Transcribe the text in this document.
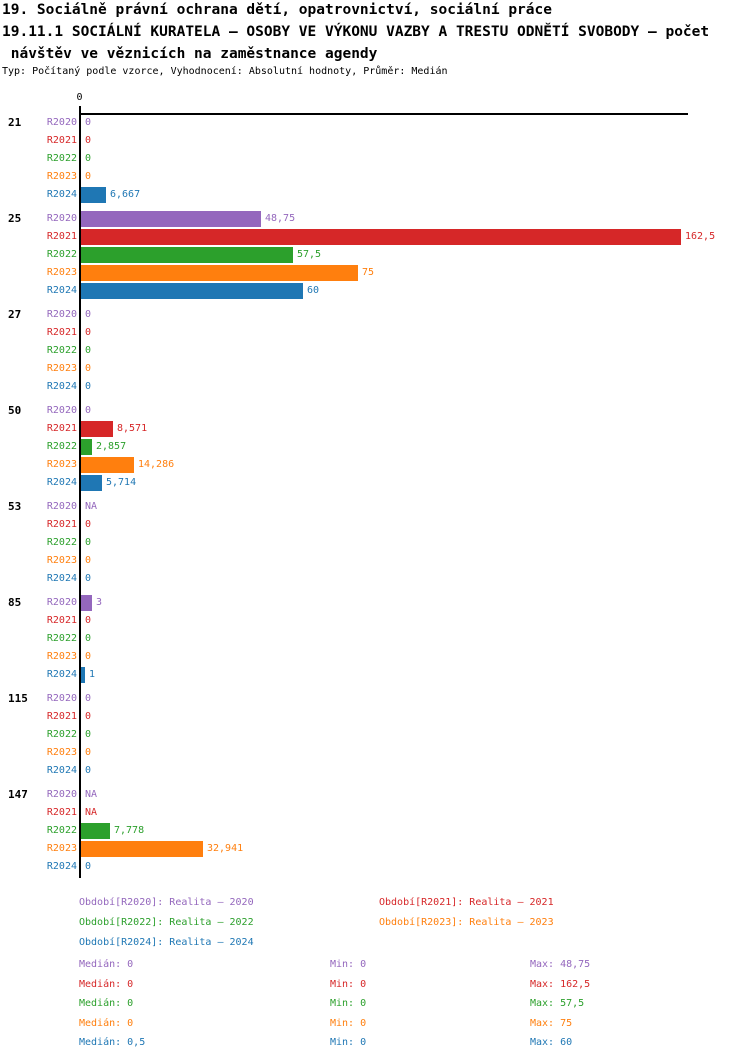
19. Sociálně právní ochrana dětí, opatrovnictví, sociální práce
19.11.1 SOCIÁLNÍ KURATELA – OSOBY VE VÝKONU VAZBY A TRESTU ODNĚTÍ SVOBODY – počet
návštěv ve věznicích na zaměstnance agendy
Typ: Počítaný podle vzorce, Vyhodnocení: Absolutní hodnoty, Průměr: Medián
0
21	R2020 0
R2021 0
R2022 0
R2023 0
R2024	6,667
25	R2020	48,75
R2021	162,5
R2022	57,5
R2023	75
R2024	60
27	R2020 0
R2021 0
R2022 0
R2023 0
R2024 0
50	R2020 0
R2021	8,571
R2022 2,857
R2023	14,286
R2024	5,714
53	R2020 NA
R2021 0
R2022 0
R2023 0
R2024 0
85	R2020 3
R2021 0
R2022 0
R2023 0
R2024 1
115	R2020 0
R2021 0
R2022 0
R2023 0
R2024 0
147	R2020 NA
R2021 NA
R2022	7,778
R2023	32,941
R2024 0
Období[R2020]: Realita – 2020	Období[R2021]: Realita – 2021
Období[R2022]: Realita – 2022	Období[R2023]: Realita – 2023
Období[R2024]: Realita – 2024
Medián: 0	Min: 0	Max: 48,75
Medián: 0	Min: 0	Max: 162,5
Medián: 0	Min: 0	Max: 57,5
Medián: 0	Min: 0	Max: 75
Medián: 0,5	Min: 0	Max: 60
